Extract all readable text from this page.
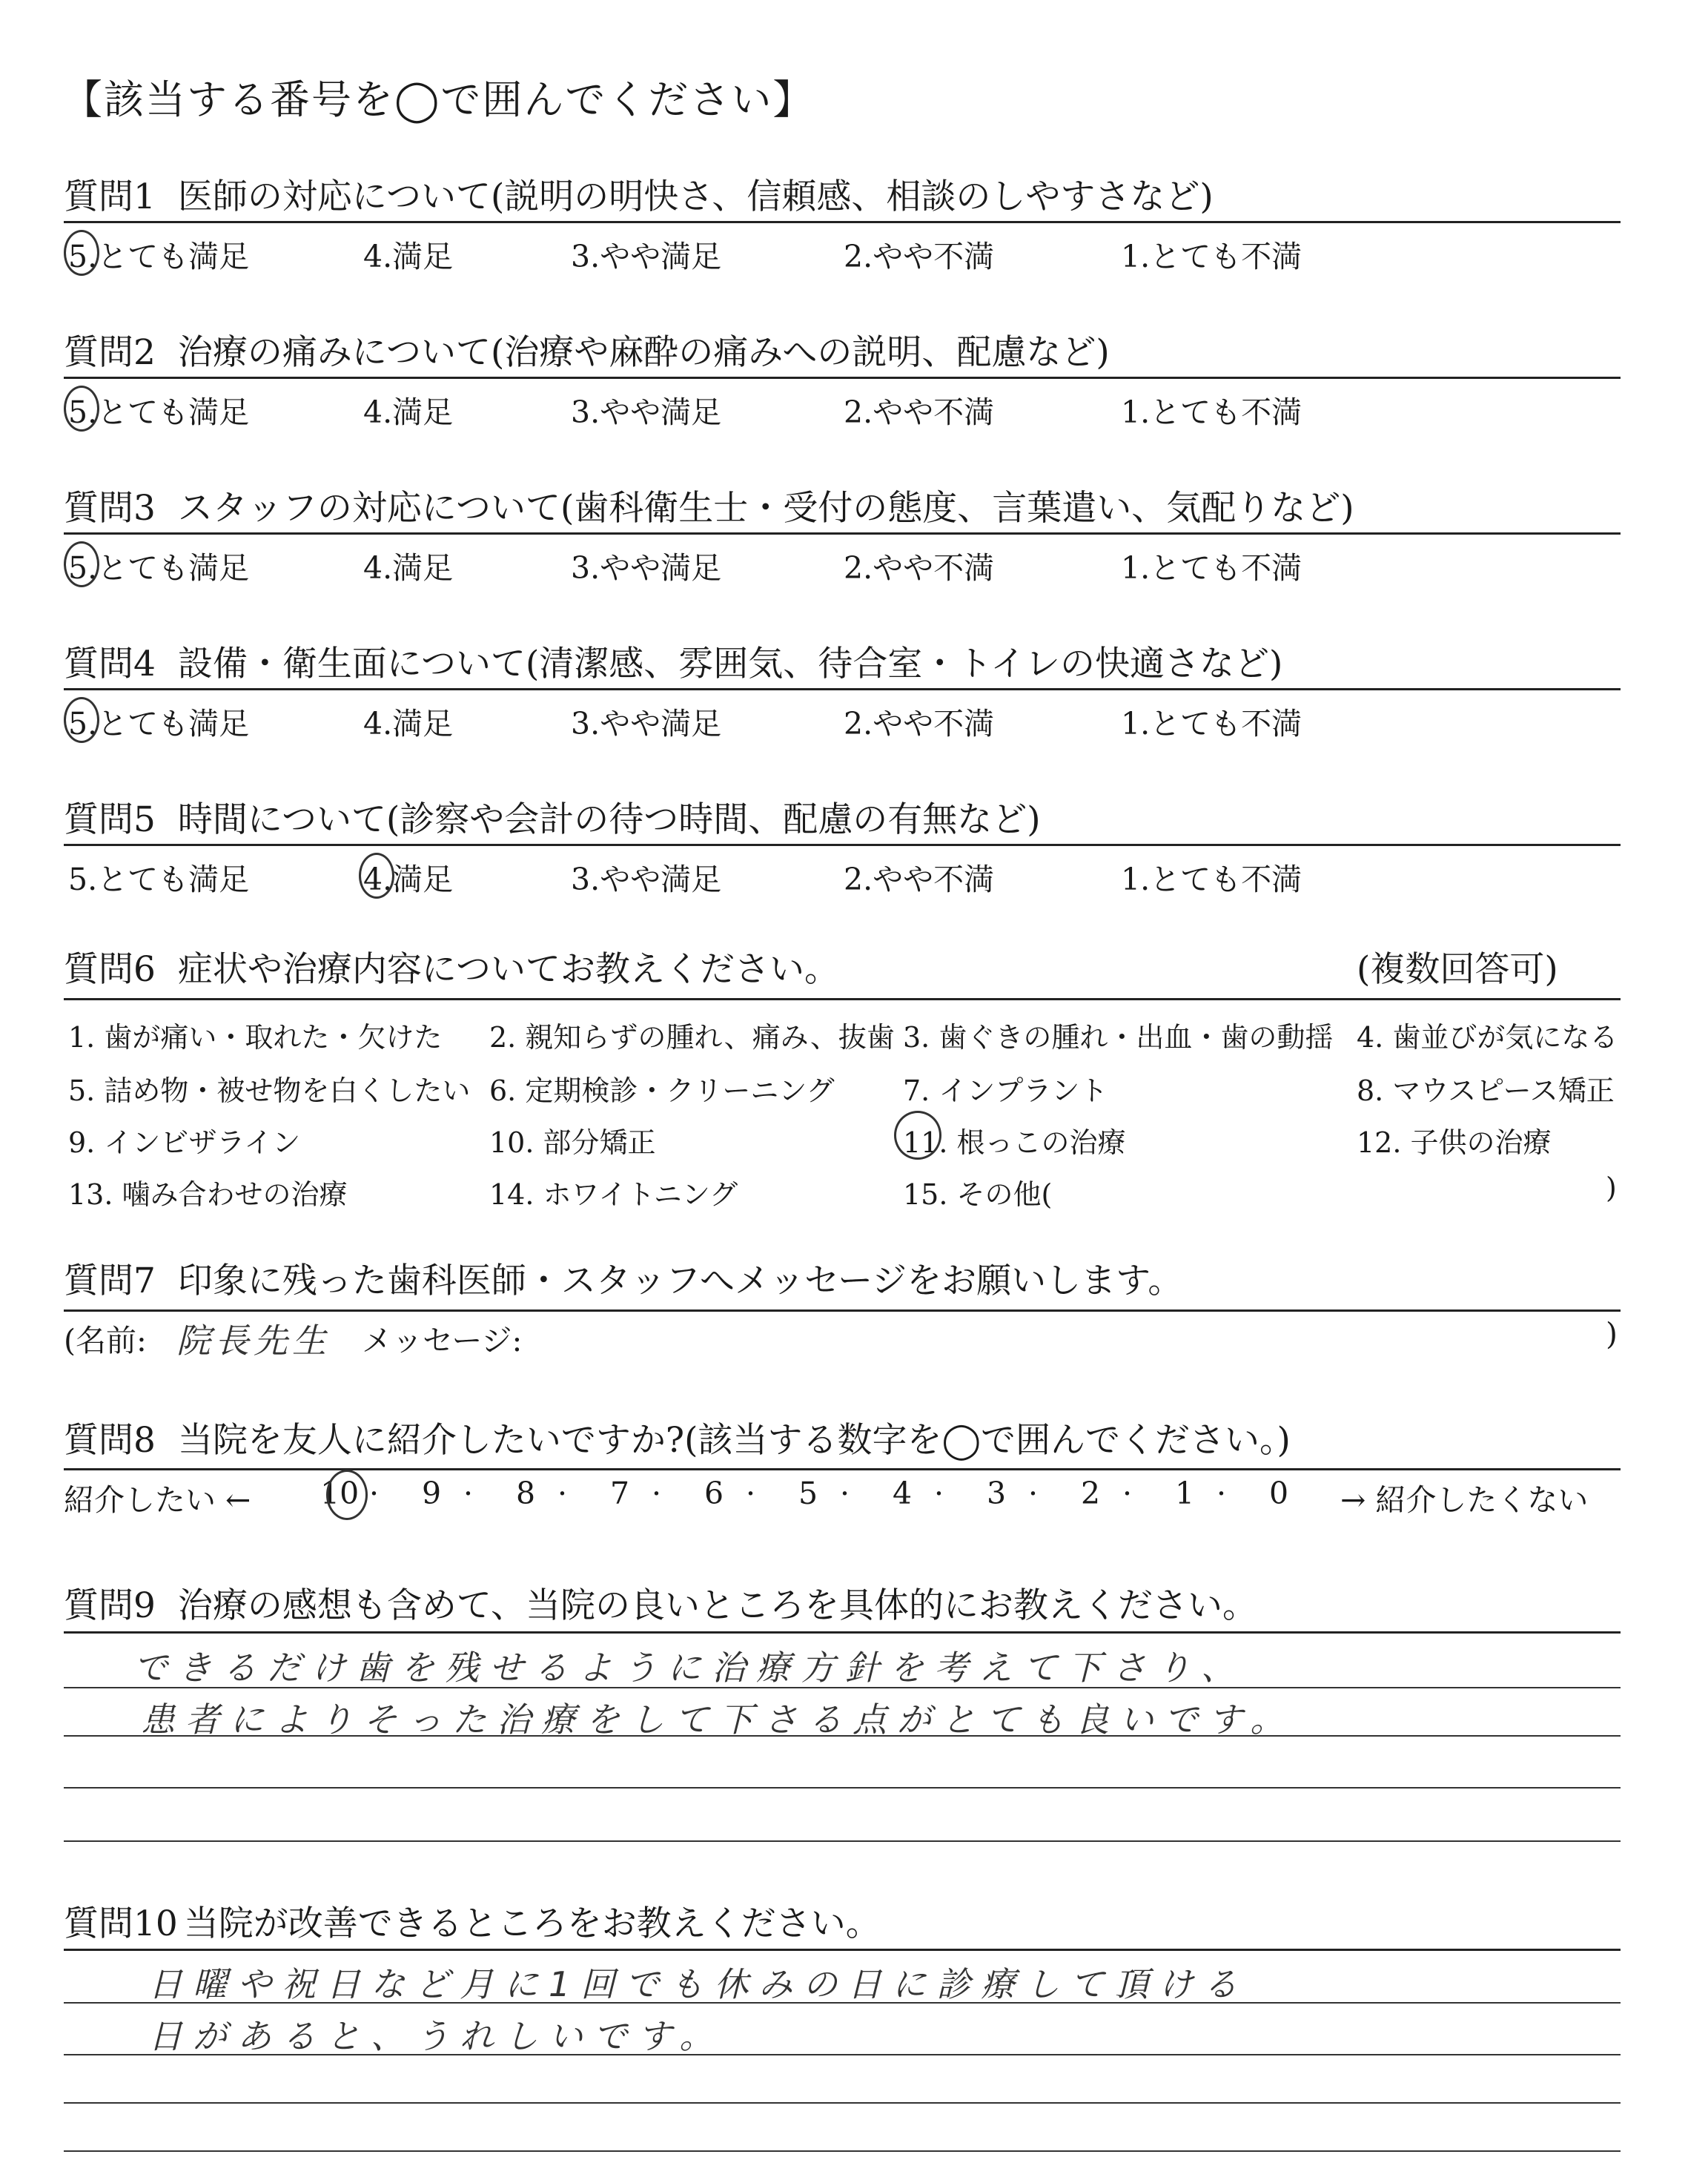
【該当する番号を◯で囲んでください】
質問1 医師の対応について(説明の明快さ、信頼感、相談のしやすさなど)
5.とても満足	4.満足	3.やや満足	2.やや不満	1.とても不満
質問2 治療の痛みについて(治療や麻酔の痛みへの説明、配慮など)
5.とても満足	4.満足	3.やや満足	2.やや不満	1.とても不満
質問3 スタッフの対応について(歯科衛生士・受付の態度、言葉遣い、気配りなど)
5.とても満足	4.満足	3.やや満足	2.やや不満	1.とても不満
質問4 設備・衛生面について(清潔感、雰囲気、待合室・トイレの快適さなど)
5.とても満足	4.満足	3.やや満足	2.やや不満	1.とても不満
質問5 時間について(診察や会計の待つ時間、配慮の有無など)
5.とても満足	4.満足	3.やや満足	2.やや不満	1.とても不満
質問6 症状や治療内容についてお教えください。	(複数回答可)
1. 歯が痛い・取れた・欠けた 2. 親知らずの腫れ、痛み、抜歯 3. 歯ぐきの腫れ・出血・歯の動揺 4. 歯並びが気になる
5. 詰め物・被せ物を白くしたい 6. 定期検診・クリーニング 7. インプラント	8. マウスピース矯正
9. インビザライン	10. 部分矯正	11. 根っこの治療	12. 子供の治療
13. 噛み合わせの治療	14. ホワイトニング	15. その他(	)
質問7 印象に残った歯科医師・スタッフへメッセージをお願いします。
(名前: 院長先生 メッセージ:	)
質問8 当院を友人に紹介したいですか?(該当する数字を◯で囲んでください。)
紹介したい ←	→ 紹介したくない
10 · 9 · 8 · 7 · 6 · 5 · 4 · 3 · 2 · 1 · 0
質問9 治療の感想も含めて、当院の良いところを具体的にお教えください。
できるだけ歯を残せるように治療方針を考えて下さり、
患者によりそった治療をして下さる点がとても良いです。
質問10 当院が改善できるところをお教えください。
日曜や祝日など月に1回でも休みの日に診療して頂ける
日があると、うれしいです。
